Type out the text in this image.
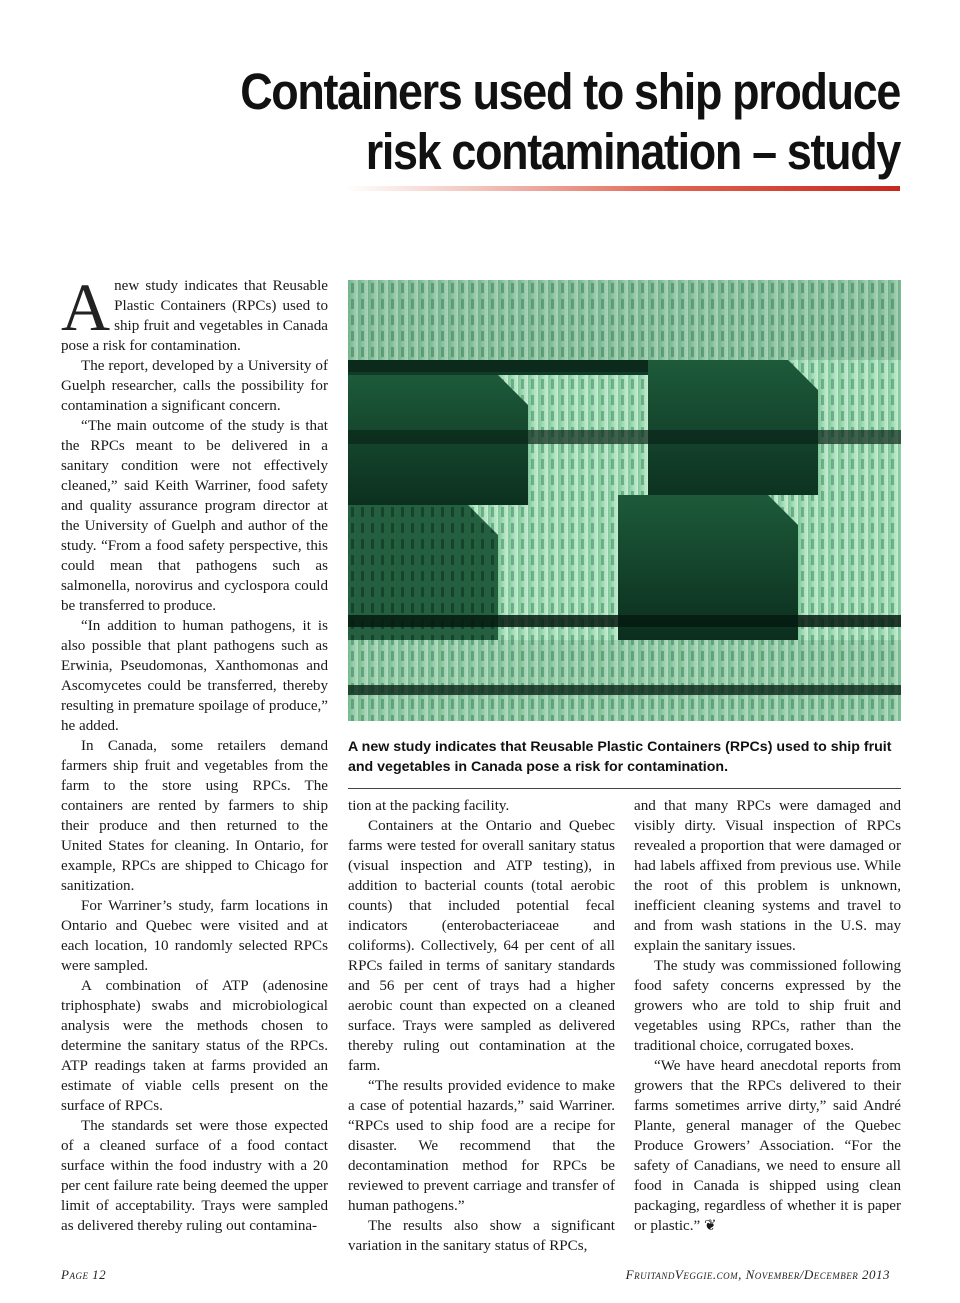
Containers used to ship produce
risk contamination – study

Anew study indicates that Reusable Plastic Containers (RPCs) used to ship fruit and vegetables in Canada pose a risk for contamination.

The report, developed by a University of Guelph researcher, calls the possibility for contamination a significant concern.

“The main outcome of the study is that the RPCs meant to be delivered in a sanitary condition were not effectively cleaned,” said Keith Warriner, food safety and quality assurance program director at the University of Guelph and author of the study. “From a food safety perspective, this could mean that pathogens such as salmonella, norovirus and cyclospora could be transferred to produce.

“In addition to human pathogens, it is also possible that plant pathogens such as Erwinia, Pseudomonas, Xanthomonas and Ascomycetes could be transferred, thereby resulting in premature spoilage of produce,” he added.

In Canada, some retailers demand farmers ship fruit and vegetables from the farm to the store using RPCs. The containers are rented by farmers to ship their produce and then returned to the United States for cleaning. In Ontario, for example, RPCs are shipped to Chicago for sanitization.

For Warriner’s study, farm locations in Ontario and Quebec were visited and at each location, 10 randomly selected RPCs were sampled.

A combination of ATP (adenosine triphosphate) swabs and microbiological analysis were the methods chosen to determine the sanitary status of the RPCs. ATP readings taken at farms provided an estimate of viable cells present on the surface of RPCs.

The standards set were those expected of a cleaned surface of a food contact surface within the food industry with a 20 per cent failure rate being deemed the upper limit of acceptability. Trays were sampled as delivered thereby ruling out contamina-

A new study indicates that Reusable Plastic Containers (RPCs) used to ship fruit and vegetables in Canada pose a risk for contamination.

tion at the packing facility.

Containers at the Ontario and Quebec farms were tested for overall sanitary status (visual inspection and ATP testing), in addition to bacterial counts (total aerobic counts) that included potential fecal indicators (enterobacteriaceae and coliforms). Collectively, 64 per cent of all RPCs failed in terms of sanitary standards and 56 per cent of trays had a higher aerobic count than expected on a cleaned surface. Trays were sampled as delivered thereby ruling out contamination at the farm.

“The results provided evidence to make a case of potential hazards,” said Warriner. “RPCs used to ship food are a recipe for disaster. We recommend that the decontamination method for RPCs be reviewed to prevent carriage and transfer of human pathogens.”

The results also show a significant variation in the sanitary status of RPCs,

and that many RPCs were damaged and visibly dirty. Visual inspection of RPCs revealed a proportion that were damaged or had labels affixed from previous use. While the root of this problem is unknown, inefficient cleaning systems and travel to and from wash stations in the U.S. may explain the sanitary issues.

The study was commissioned following food safety concerns expressed by the growers who are told to ship fruit and vegetables using RPCs, rather than the traditional choice, corrugated boxes.

“We have heard anecdotal reports from growers that the RPCs delivered to their farms sometimes arrive dirty,” said André Plante, general manager of the Quebec Produce Growers’ Association. “For the safety of Canadians, we need to ensure all food in Canada is shipped using clean packaging, regardless of whether it is paper or plastic.” ❦

Page 12	FruitandVeggie.com, November/December 2013
